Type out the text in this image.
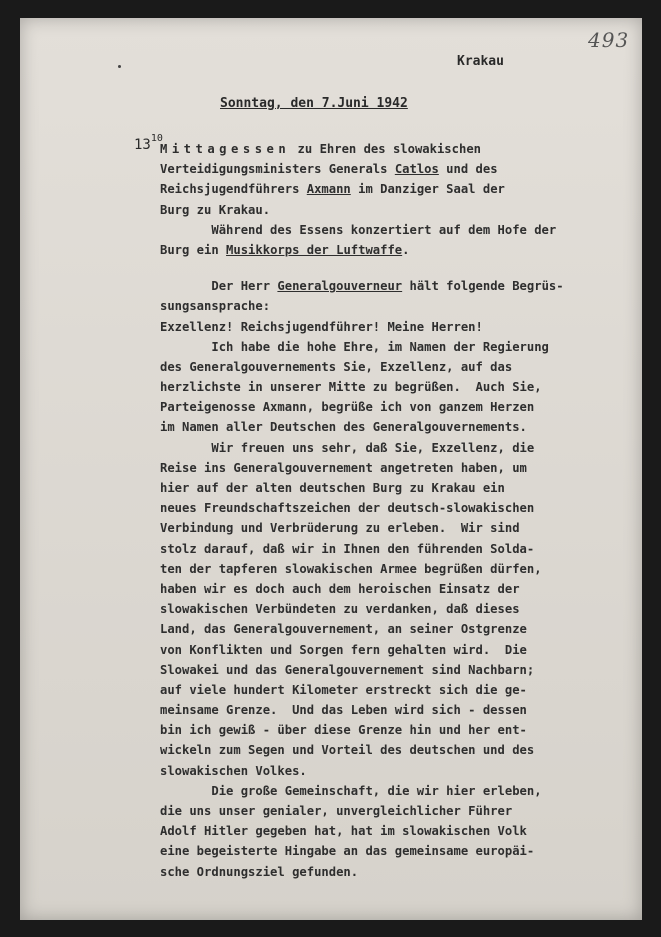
493
Krakau
Sonntag, den 7.Juni 1942
$13^{10}$
Mittagessen zu Ehren des slowakischen
Verteidigungsministers Generals Catlos und des
Reichsjugendführers Axmann im Danziger Saal der
Burg zu Krakau.
Während des Essens konzertiert auf dem Hofe der
Burg ein Musikkorps der Luftwaffe.
Der Herr Generalgouverneur hält folgende Begrüs-
sungsansprache:
Exzellenz! Reichsjugendführer! Meine Herren!
Ich habe die hohe Ehre, im Namen der Regierung
des Generalgouvernements Sie, Exzellenz, auf das
herzlichste in unserer Mitte zu begrüßen.  Auch Sie,
Parteigenosse Axmann, begrüße ich von ganzem Herzen
im Namen aller Deutschen des Generalgouvernements.
Wir freuen uns sehr, daß Sie, Exzellenz, die
Reise ins Generalgouvernement angetreten haben, um
hier auf der alten deutschen Burg zu Krakau ein
neues Freundschaftszeichen der deutsch-slowakischen
Verbindung und Verbrüderung zu erleben.  Wir sind
stolz darauf, daß wir in Ihnen den führenden Solda-
ten der tapferen slowakischen Armee begrüßen dürfen,
haben wir es doch auch dem heroischen Einsatz der
slowakischen Verbündeten zu verdanken, daß dieses
Land, das Generalgouvernement, an seiner Ostgrenze
von Konflikten und Sorgen fern gehalten wird.  Die
Slowakei und das Generalgouvernement sind Nachbarn;
auf viele hundert Kilometer erstreckt sich die ge-
meinsame Grenze.  Und das Leben wird sich - dessen
bin ich gewiß - über diese Grenze hin und her ent-
wickeln zum Segen und Vorteil des deutschen und des
slowakischen Volkes.
Die große Gemeinschaft, die wir hier erleben,
die uns unser genialer, unvergleichlicher Führer
Adolf Hitler gegeben hat, hat im slowakischen Volk
eine begeisterte Hingabe an das gemeinsame europäi-
sche Ordnungsziel gefunden.
